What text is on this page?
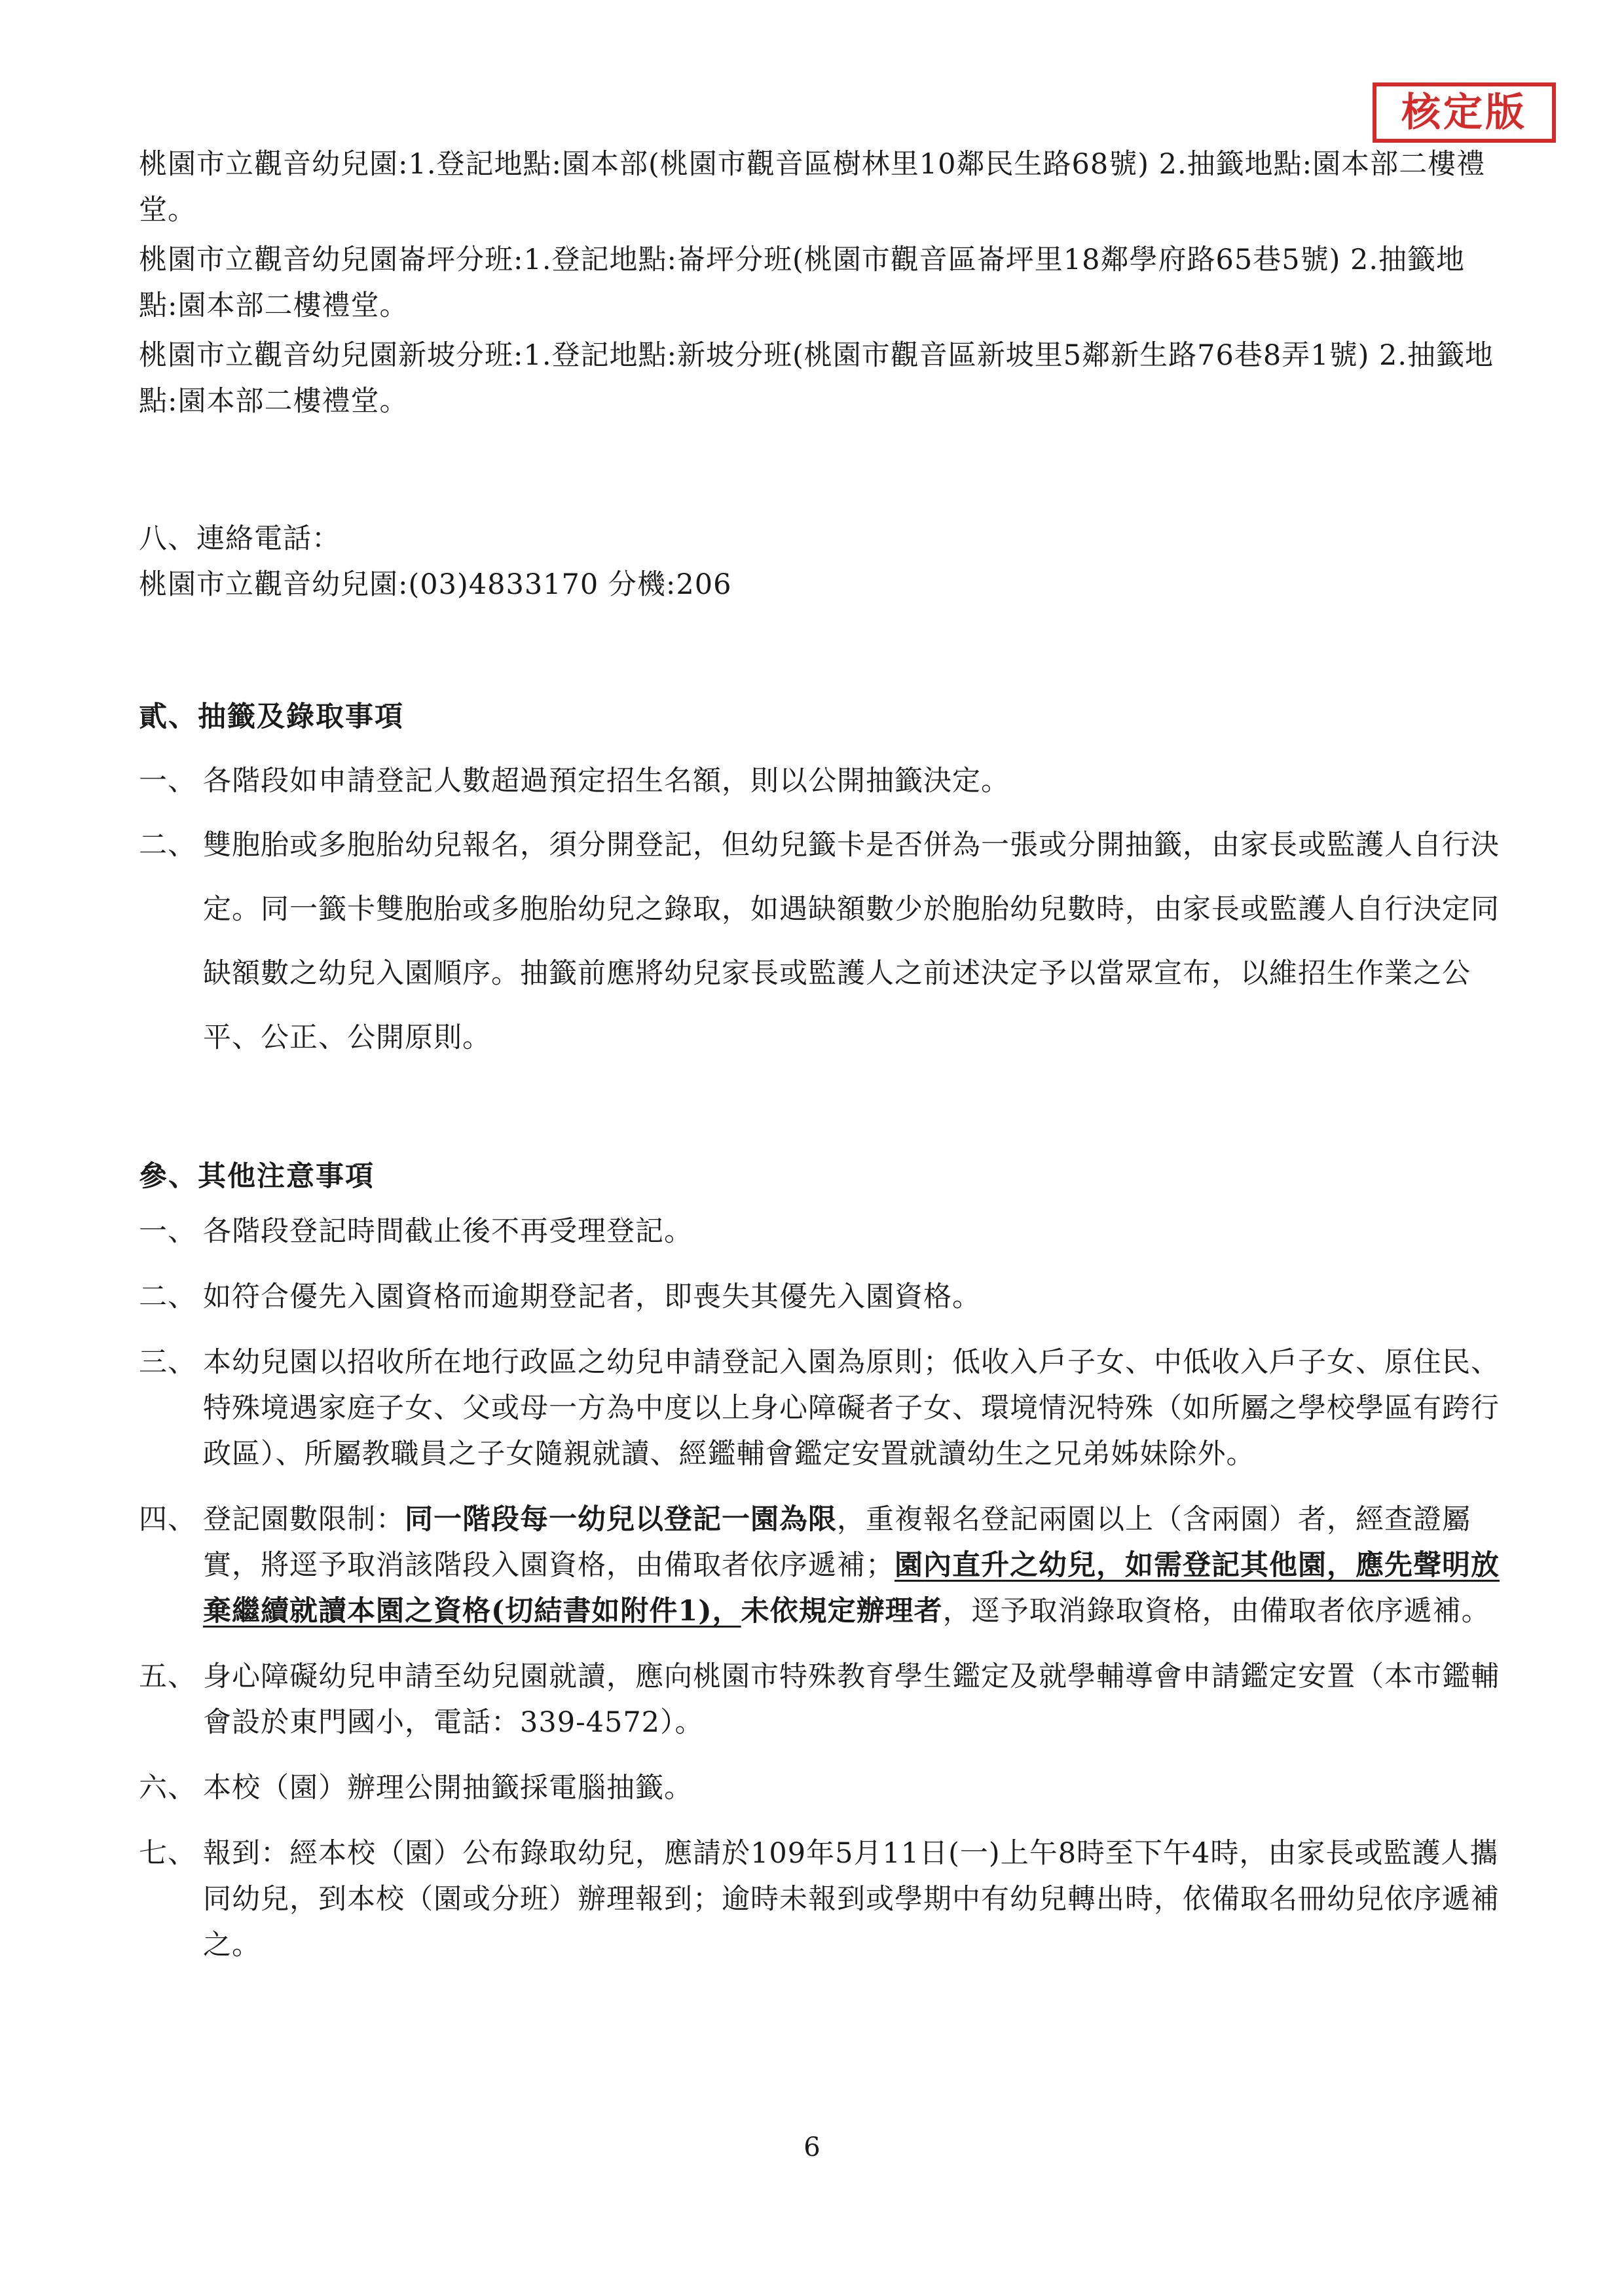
核定版

桃園市立觀音幼兒園:1.登記地點:園本部(桃園市觀音區樹林里10鄰民生路68號) 2.抽籤地點:園本部二樓禮堂。

桃園市立觀音幼兒園崙坪分班:1.登記地點:崙坪分班(桃園市觀音區崙坪里18鄰學府路65巷5號) 2.抽籤地點:園本部二樓禮堂。

桃園市立觀音幼兒園新坡分班:1.登記地點:新坡分班(桃園市觀音區新坡里5鄰新生路76巷8弄1號) 2.抽籤地點:園本部二樓禮堂。

八、連絡電話：

桃園市立觀音幼兒園:(03)4833170 分機:206

貳、抽籤及錄取事項

一、 各階段如申請登記人數超過預定招生名額，則以公開抽籤決定。
二、 雙胞胎或多胞胎幼兒報名，須分開登記，但幼兒籤卡是否併為一張或分開抽籤，由家長或監護人自行決定。同一籤卡雙胞胎或多胞胎幼兒之錄取，如遇缺額數少於胞胎幼兒數時，由家長或監護人自行決定同缺額數之幼兒入園順序。抽籤前應將幼兒家長或監護人之前述決定予以當眾宣布，以維招生作業之公平、公正、公開原則。

參、其他注意事項

一、 各階段登記時間截止後不再受理登記。
二、 如符合優先入園資格而逾期登記者，即喪失其優先入園資格。
三、 本幼兒園以招收所在地行政區之幼兒申請登記入園為原則；低收入戶子女、中低收入戶子女、原住民、特殊境遇家庭子女、父或母一方為中度以上身心障礙者子女、環境情況特殊（如所屬之學校學區有跨行政區）、所屬教職員之子女隨親就讀、經鑑輔會鑑定安置就讀幼生之兄弟姊妹除外。
四、 登記園數限制：同一階段每一幼兒以登記一園為限，重複報名登記兩園以上（含兩園）者，經查證屬實，將逕予取消該階段入園資格，由備取者依序遞補；園內直升之幼兒，如需登記其他園，應先聲明放棄繼續就讀本園之資格(切結書如附件1)，未依規定辦理者，逕予取消錄取資格，由備取者依序遞補。
五、 身心障礙幼兒申請至幼兒園就讀，應向桃園市特殊教育學生鑑定及就學輔導會申請鑑定安置（本市鑑輔會設於東門國小，電話：339-4572）。
六、 本校（園）辦理公開抽籤採電腦抽籤。
七、 報到：經本校（園）公布錄取幼兒，應請於109年5月11日(一)上午8時至下午4時，由家長或監護人攜同幼兒，到本校（園或分班）辦理報到；逾時未報到或學期中有幼兒轉出時，依備取名冊幼兒依序遞補之。
6
